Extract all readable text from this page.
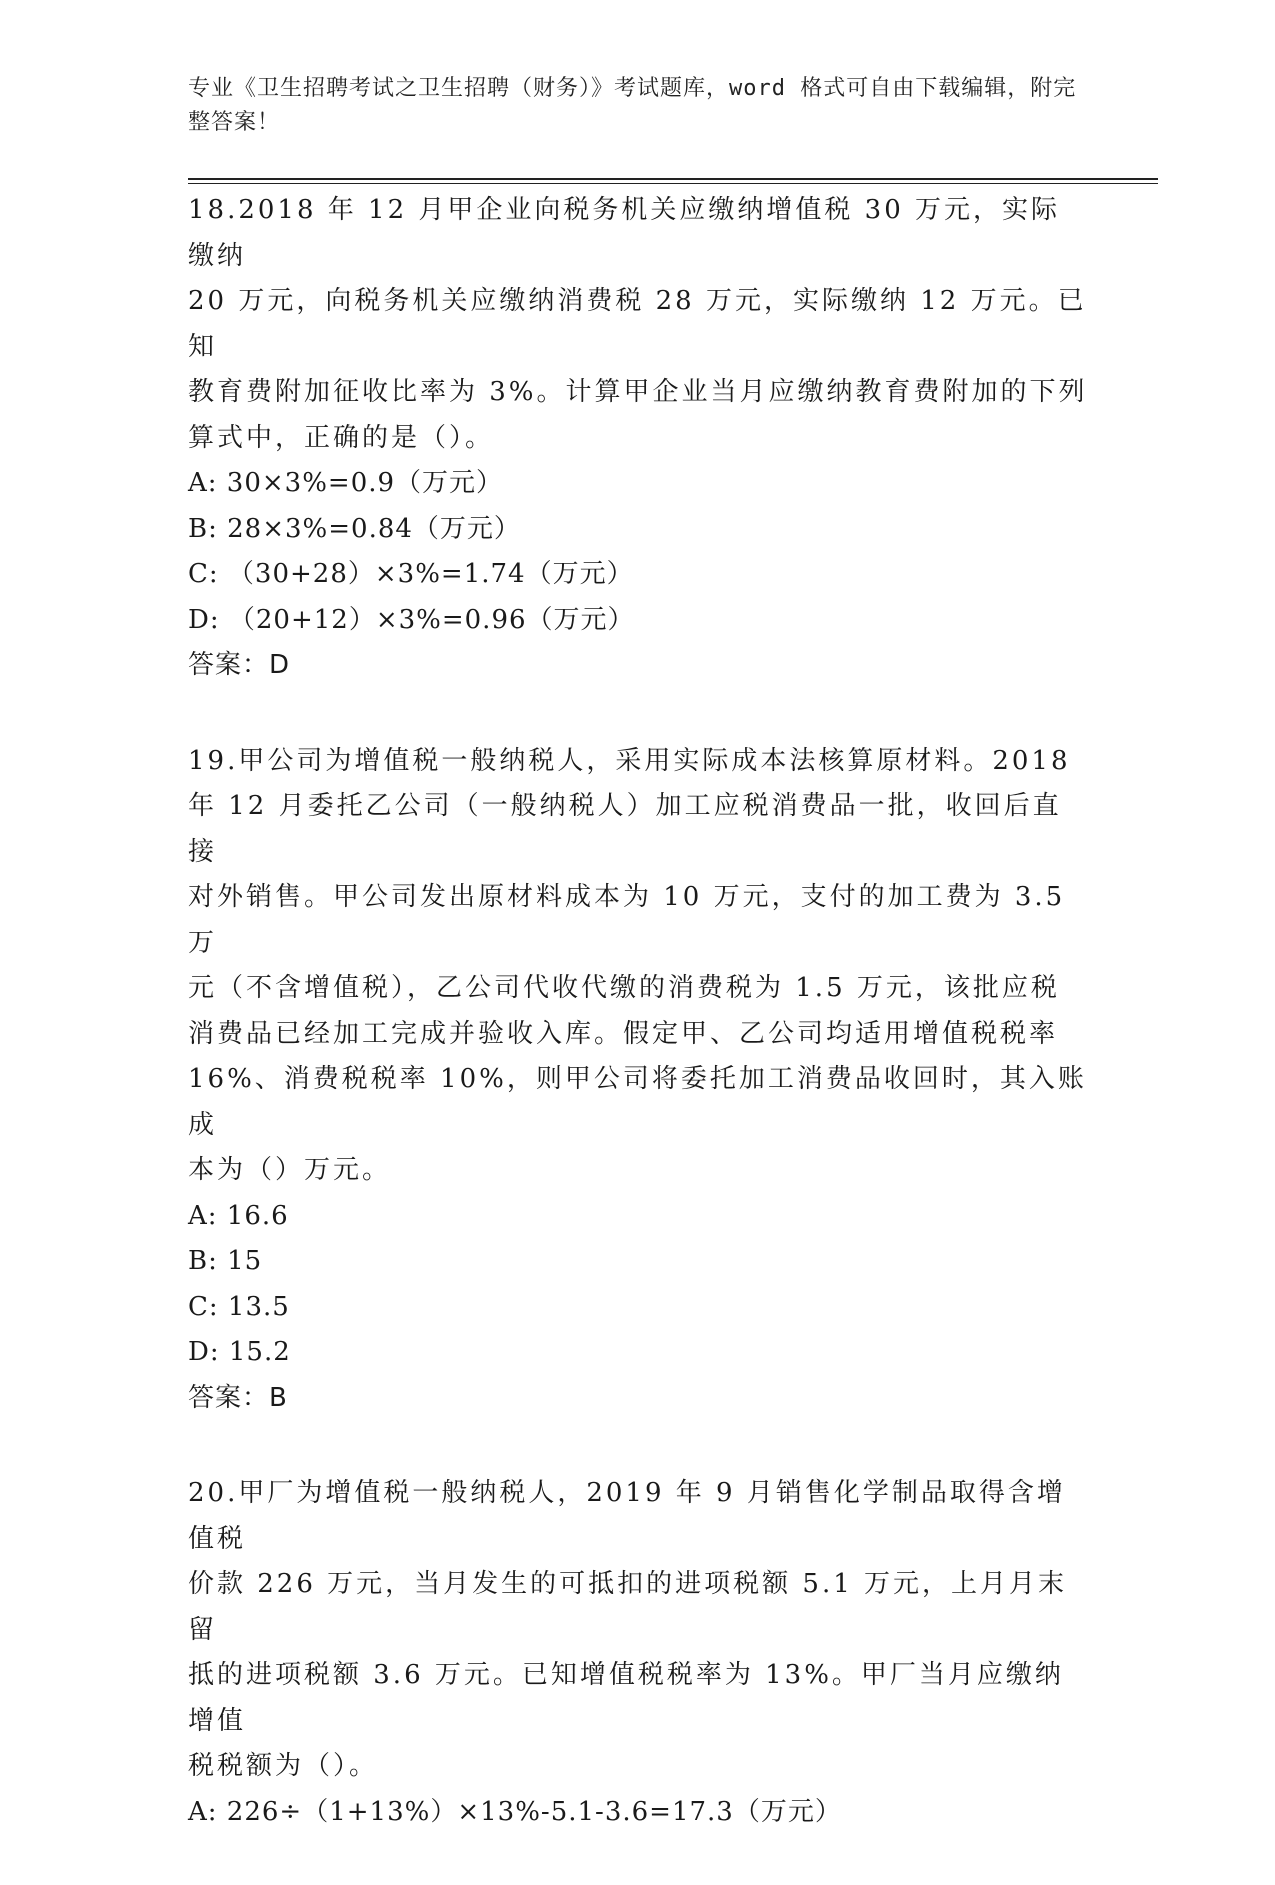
专业《卫生招聘考试之卫生招聘（财务）》考试题库，word 格式可自由下载编辑，附完整答案！

18.2018 年 12 月甲企业向税务机关应缴纳增值税 30 万元，实际缴纳

20 万元，向税务机关应缴纳消费税 28 万元，实际缴纳 12 万元。已知

教育费附加征收比率为 3%。计算甲企业当月应缴纳教育费附加的下列

算式中，正确的是（）。

A: 30×3%=0.9（万元）

B: 28×3%=0.84（万元）

C: （30+28）×3%=1.74（万元）

D: （20+12）×3%=0.96（万元）

答案：D

19.甲公司为增值税一般纳税人，采用实际成本法核算原材料。2018

年 12 月委托乙公司（一般纳税人）加工应税消费品一批，收回后直接

对外销售。甲公司发出原材料成本为 10 万元，支付的加工费为 3.5 万

元（不含增值税），乙公司代收代缴的消费税为 1.5 万元，该批应税

消费品已经加工完成并验收入库。假定甲、乙公司均适用增值税税率

16%、消费税税率 10%，则甲公司将委托加工消费品收回时，其入账成

本为（）万元。

A: 16.6

B: 15

C: 13.5

D: 15.2

答案：B

20.甲厂为增值税一般纳税人，2019 年 9 月销售化学制品取得含增值税

价款 226 万元，当月发生的可抵扣的进项税额 5.1 万元，上月月末留

抵的进项税额 3.6 万元。已知增值税税率为 13%。甲厂当月应缴纳增值

税税额为（）。

A: 226÷（1+13%）×13%-5.1-3.6=17.3（万元）
